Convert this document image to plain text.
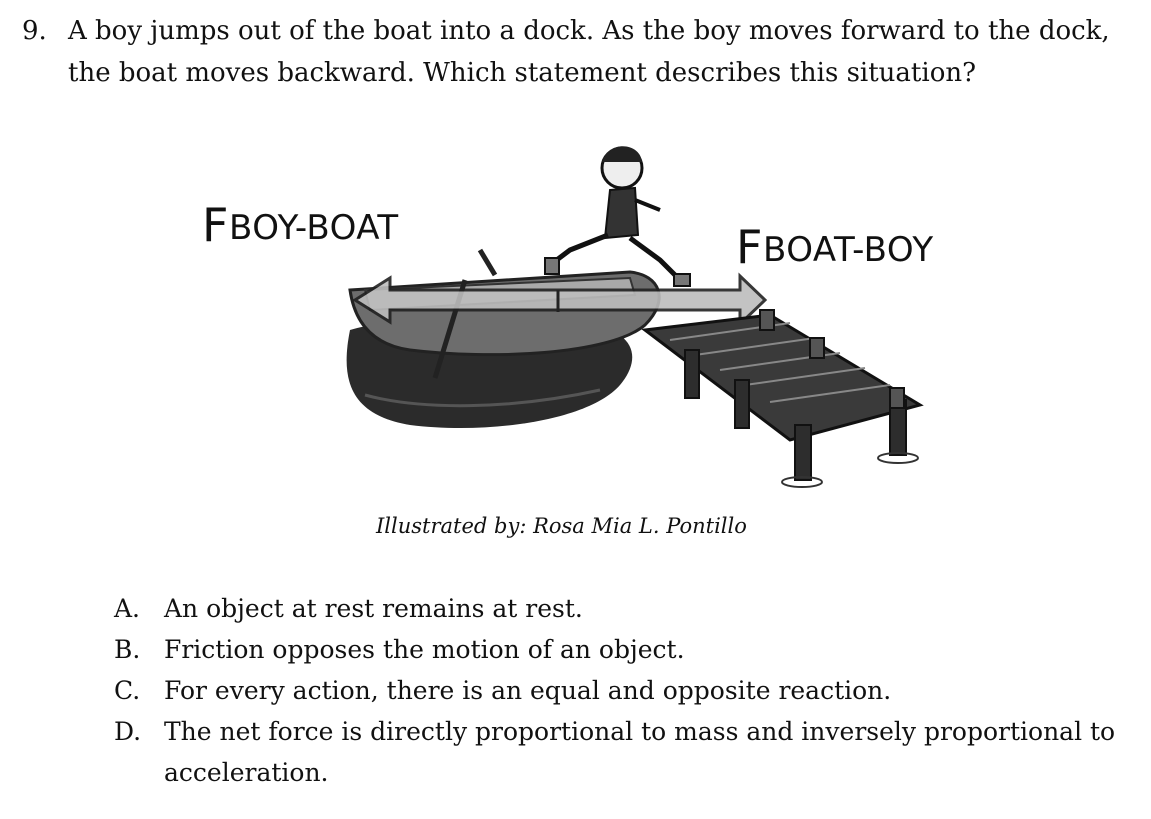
9. A boy jumps out of the boat into a dock. As the boy moves forward to the dock, the boat moves backward. Which statement describes this situation?
FBOY-BOAT	FBOAT-BOY
Illustrated by: Rosa Mia L. Pontillo
A. An object at rest remains at rest.
B. Friction opposes the motion of an object.
C. For every action, there is an equal and opposite reaction.
D. The net force is directly proportional to mass and inversely proportional to acceleration.
